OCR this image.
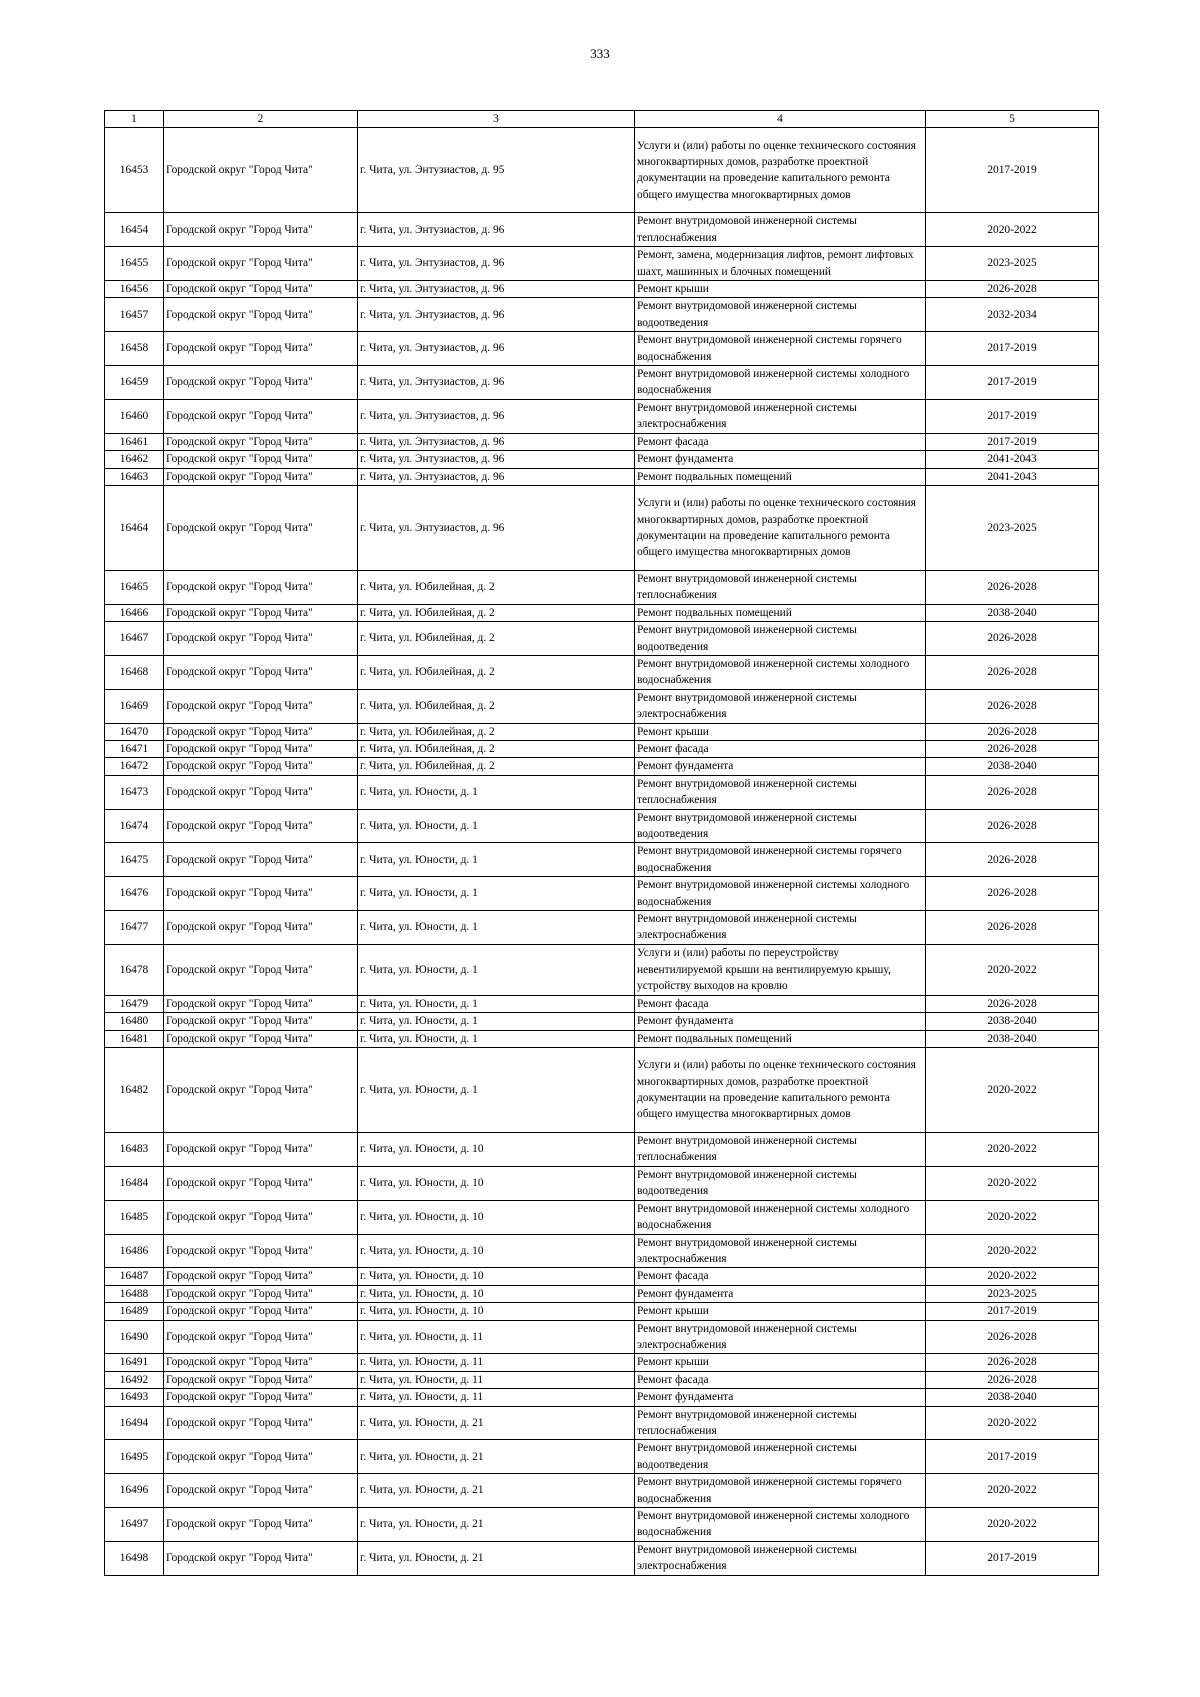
333
1	2	3	4	5
16453	Городской округ "Город Чита"	г. Чита, ул. Энтузиастов, д. 95	Услуги и (или) работы по оценке технического состояния многоквартирных домов, разработке проектной документации на проведение капитального ремонта общего имущества многоквартирных домов	2017-2019
16454	Городской округ "Город Чита"	г. Чита, ул. Энтузиастов, д. 96	Ремонт внутридомовой инженерной системы теплоснабжения	2020-2022
16455	Городской округ "Город Чита"	г. Чита, ул. Энтузиастов, д. 96	Ремонт, замена, модернизация лифтов, ремонт лифтовых шахт, машинных и блочных помещений	2023-2025
16456	Городской округ "Город Чита"	г. Чита, ул. Энтузиастов, д. 96	Ремонт крыши	2026-2028
16457	Городской округ "Город Чита"	г. Чита, ул. Энтузиастов, д. 96	Ремонт внутридомовой инженерной системы водоотведения	2032-2034
16458	Городской округ "Город Чита"	г. Чита, ул. Энтузиастов, д. 96	Ремонт внутридомовой инженерной системы горячего водоснабжения	2017-2019
16459	Городской округ "Город Чита"	г. Чита, ул. Энтузиастов, д. 96	Ремонт внутридомовой инженерной системы холодного водоснабжения	2017-2019
16460	Городской округ "Город Чита"	г. Чита, ул. Энтузиастов, д. 96	Ремонт внутридомовой инженерной системы электроснабжения	2017-2019
16461	Городской округ "Город Чита"	г. Чита, ул. Энтузиастов, д. 96	Ремонт фасада	2017-2019
16462	Городской округ "Город Чита"	г. Чита, ул. Энтузиастов, д. 96	Ремонт фундамента	2041-2043
16463	Городской округ "Город Чита"	г. Чита, ул. Энтузиастов, д. 96	Ремонт подвальных помещений	2041-2043
16464	Городской округ "Город Чита"	г. Чита, ул. Энтузиастов, д. 96	Услуги и (или) работы по оценке технического состояния многоквартирных домов, разработке проектной документации на проведение капитального ремонта общего имущества многоквартирных домов	2023-2025
16465	Городской округ "Город Чита"	г. Чита, ул. Юбилейная, д. 2	Ремонт внутридомовой инженерной системы теплоснабжения	2026-2028
16466	Городской округ "Город Чита"	г. Чита, ул. Юбилейная, д. 2	Ремонт подвальных помещений	2038-2040
16467	Городской округ "Город Чита"	г. Чита, ул. Юбилейная, д. 2	Ремонт внутридомовой инженерной системы водоотведения	2026-2028
16468	Городской округ "Город Чита"	г. Чита, ул. Юбилейная, д. 2	Ремонт внутридомовой инженерной системы холодного водоснабжения	2026-2028
16469	Городской округ "Город Чита"	г. Чита, ул. Юбилейная, д. 2	Ремонт внутридомовой инженерной системы электроснабжения	2026-2028
16470	Городской округ "Город Чита"	г. Чита, ул. Юбилейная, д. 2	Ремонт крыши	2026-2028
16471	Городской округ "Город Чита"	г. Чита, ул. Юбилейная, д. 2	Ремонт фасада	2026-2028
16472	Городской округ "Город Чита"	г. Чита, ул. Юбилейная, д. 2	Ремонт фундамента	2038-2040
16473	Городской округ "Город Чита"	г. Чита, ул. Юности, д. 1	Ремонт внутридомовой инженерной системы теплоснабжения	2026-2028
16474	Городской округ "Город Чита"	г. Чита, ул. Юности, д. 1	Ремонт внутридомовой инженерной системы водоотведения	2026-2028
16475	Городской округ "Город Чита"	г. Чита, ул. Юности, д. 1	Ремонт внутридомовой инженерной системы горячего водоснабжения	2026-2028
16476	Городской округ "Город Чита"	г. Чита, ул. Юности, д. 1	Ремонт внутридомовой инженерной системы холодного водоснабжения	2026-2028
16477	Городской округ "Город Чита"	г. Чита, ул. Юности, д. 1	Ремонт внутридомовой инженерной системы электроснабжения	2026-2028
16478	Городской округ "Город Чита"	г. Чита, ул. Юности, д. 1	Услуги и (или) работы по переустройству невентилируемой крыши на вентилируемую крышу, устройству выходов на кровлю	2020-2022
16479	Городской округ "Город Чита"	г. Чита, ул. Юности, д. 1	Ремонт фасада	2026-2028
16480	Городской округ "Город Чита"	г. Чита, ул. Юности, д. 1	Ремонт фундамента	2038-2040
16481	Городской округ "Город Чита"	г. Чита, ул. Юности, д. 1	Ремонт подвальных помещений	2038-2040
16482	Городской округ "Город Чита"	г. Чита, ул. Юности, д. 1	Услуги и (или) работы по оценке технического состояния многоквартирных домов, разработке проектной документации на проведение капитального ремонта общего имущества многоквартирных домов	2020-2022
16483	Городской округ "Город Чита"	г. Чита, ул. Юности, д. 10	Ремонт внутридомовой инженерной системы теплоснабжения	2020-2022
16484	Городской округ "Город Чита"	г. Чита, ул. Юности, д. 10	Ремонт внутридомовой инженерной системы водоотведения	2020-2022
16485	Городской округ "Город Чита"	г. Чита, ул. Юности, д. 10	Ремонт внутридомовой инженерной системы холодного водоснабжения	2020-2022
16486	Городской округ "Город Чита"	г. Чита, ул. Юности, д. 10	Ремонт внутридомовой инженерной системы электроснабжения	2020-2022
16487	Городской округ "Город Чита"	г. Чита, ул. Юности, д. 10	Ремонт фасада	2020-2022
16488	Городской округ "Город Чита"	г. Чита, ул. Юности, д. 10	Ремонт фундамента	2023-2025
16489	Городской округ "Город Чита"	г. Чита, ул. Юности, д. 10	Ремонт крыши	2017-2019
16490	Городской округ "Город Чита"	г. Чита, ул. Юности, д. 11	Ремонт внутридомовой инженерной системы электроснабжения	2026-2028
16491	Городской округ "Город Чита"	г. Чита, ул. Юности, д. 11	Ремонт крыши	2026-2028
16492	Городской округ "Город Чита"	г. Чита, ул. Юности, д. 11	Ремонт фасада	2026-2028
16493	Городской округ "Город Чита"	г. Чита, ул. Юности, д. 11	Ремонт фундамента	2038-2040
16494	Городской округ "Город Чита"	г. Чита, ул. Юности, д. 21	Ремонт внутридомовой инженерной системы теплоснабжения	2020-2022
16495	Городской округ "Город Чита"	г. Чита, ул. Юности, д. 21	Ремонт внутридомовой инженерной системы водоотведения	2017-2019
16496	Городской округ "Город Чита"	г. Чита, ул. Юности, д. 21	Ремонт внутридомовой инженерной системы горячего водоснабжения	2020-2022
16497	Городской округ "Город Чита"	г. Чита, ул. Юности, д. 21	Ремонт внутридомовой инженерной системы холодного водоснабжения	2020-2022
16498	Городской округ "Город Чита"	г. Чита, ул. Юности, д. 21	Ремонт внутридомовой инженерной системы электроснабжения	2017-2019
